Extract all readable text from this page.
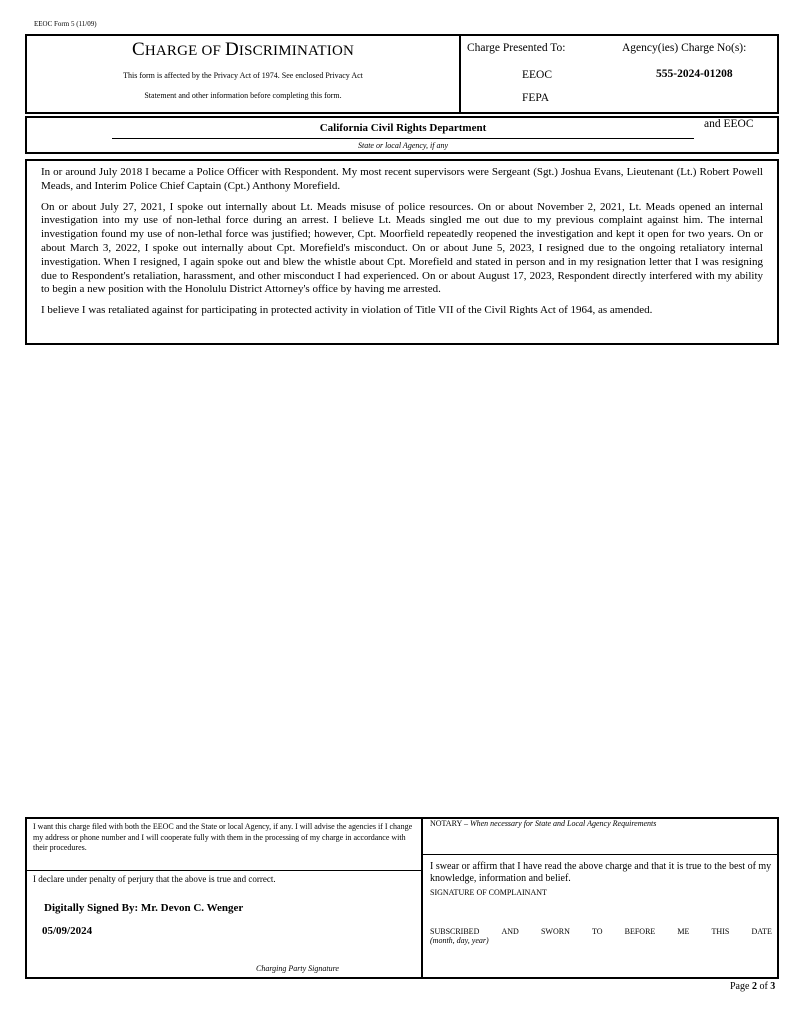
EEOC Form 5 (11/09)
CHARGE OF DISCRIMINATION
This form is affected by the Privacy Act of 1974. See enclosed Privacy Act
Statement and other information before completing this form.
Charge Presented To:	Agency(ies) Charge No(s):
EEOC
FEPA
555-2024-01208
California Civil Rights Department
State or local Agency, if any
and EEOC

In or around July 2018 I became a Police Officer with Respondent. My most recent supervisors were Sergeant (Sgt.) Joshua Evans, Lieutenant (Lt.) Robert Powell Meads, and Interim Police Chief Captain (Cpt.) Anthony Morefield.

On or about July 27, 2021, I spoke out internally about Lt. Meads misuse of police resources. On or about November 2, 2021, Lt. Meads opened an internal investigation into my use of non-lethal force during an arrest. I believe Lt. Meads singled me out due to my previous complaint against him. The internal investigation found my use of non-lethal force was justified; however, Cpt. Moorfield repeatedly reopened the investigation and kept it open for two years. On or about March 3, 2022, I spoke out internally about Cpt. Morefield's misconduct. On or about June 5, 2023, I resigned due to the ongoing retaliatory internal investigation. When I resigned, I again spoke out and blew the whistle about Cpt. Morefield and stated in person and in my resignation letter that I was resigning due to Respondent's retaliation, harassment, and other misconduct I had experienced. On or about August 17, 2023, Respondent directly interfered with my ability to begin a new position with the Honolulu District Attorney's office by having me arrested.

I believe I was retaliated against for participating in protected activity in violation of Title VII of the Civil Rights Act of 1964, as amended.

I want this charge filed with both the EEOC and the State or local Agency, if any. I will advise the agencies if I change my address or phone number and I will cooperate fully with them in the processing of my charge in accordance with their procedures.
NOTARY – When necessary for State and Local Agency Requirements
I declare under penalty of perjury that the above is true and correct.
Digitally Signed By: Mr. Devon C. Wenger
05/09/2024
Charging Party Signature
I swear or affirm that I have read the above charge and that it is true to the best of my knowledge, information and belief.
SIGNATURE OF COMPLAINANT
SUBSCRIBED	AND	SWORN	TO	BEFORE	ME	THIS	DATE
(month, day, year)
Page 2 of 3
